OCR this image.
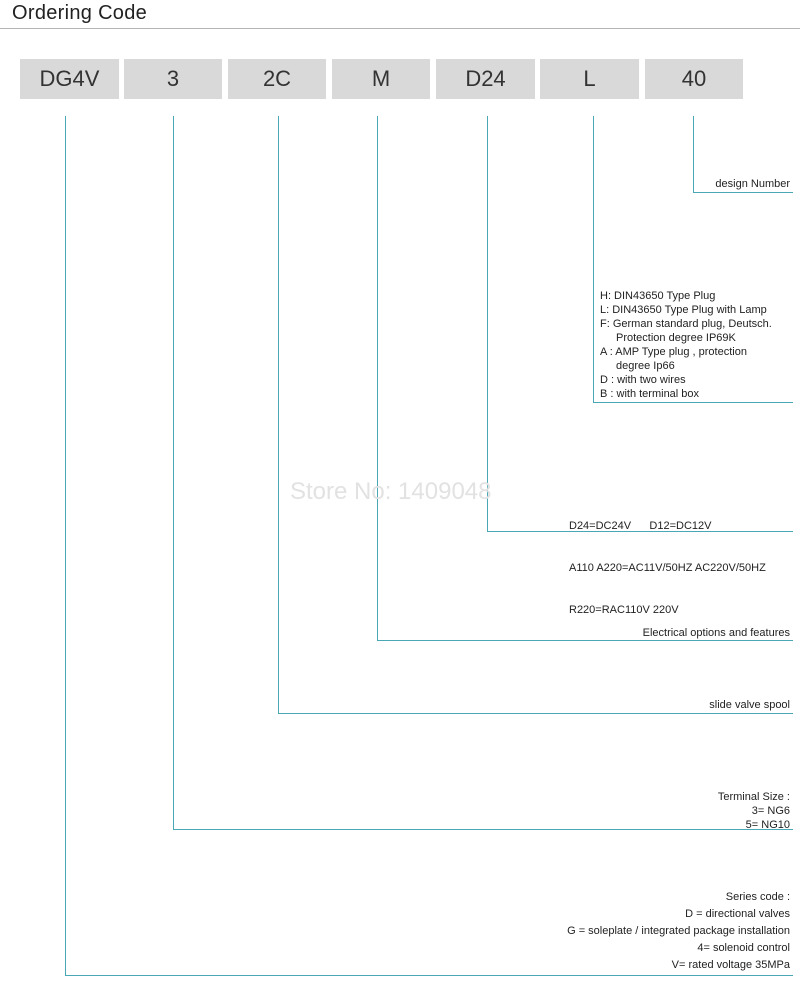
Ordering Code
DG4V	3	2C	M	D24	L	40
Store No: 1409048
design Number
H: DIN43650 Type Plug
L: DIN43650 Type Plug with Lamp
F: German standard plug, Deutsch.
Protection degree IP69K
A : AMP Type plug , protection
degree Ip66
D : with two wires
B : with terminal box

D24=DC24V      D12=DC12V

A110 A220=AC11V/50HZ AC220V/50HZ

R220=RAC110V 220V

Electrical options and features
slide valve spool
Terminal Size :
3= NG6
5= NG10
Series code :
D = directional valves
G = soleplate / integrated package installation
4= solenoid control
V= rated voltage 35MPa
